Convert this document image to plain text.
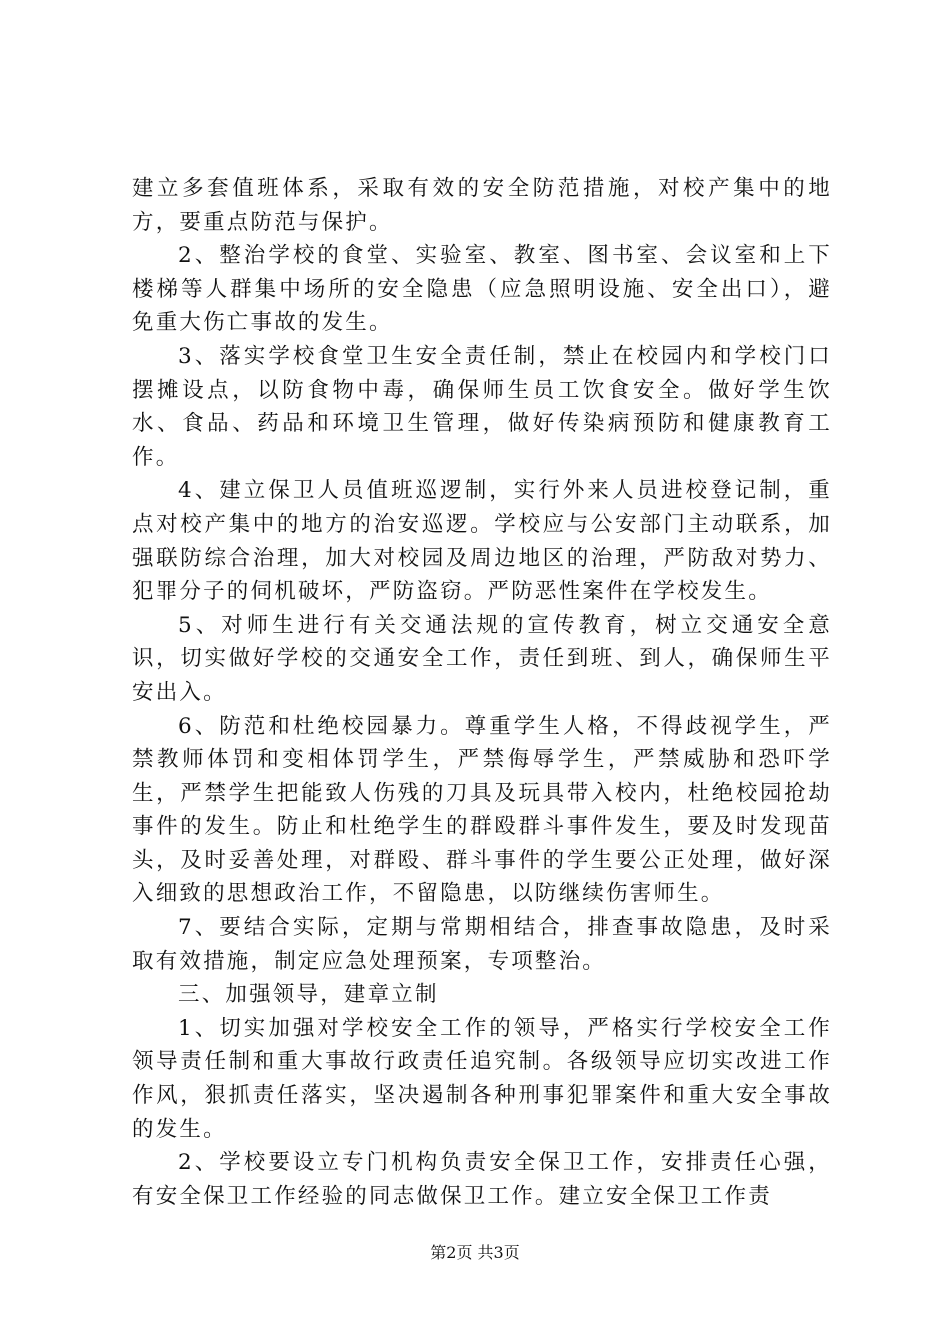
建立多套值班体系，采取有效的安全防范措施，对校产集中的地方，要重点防范与保护。

2、整治学校的食堂、实验室、教室、图书室、会议室和上下楼梯等人群集中场所的安全隐患（应急照明设施、安全出口），避免重大伤亡事故的发生。

3、落实学校食堂卫生安全责任制，禁止在校园内和学校门口摆摊设点，以防食物中毒，确保师生员工饮食安全。做好学生饮水、食品、药品和环境卫生管理，做好传染病预防和健康教育工作。

4、建立保卫人员值班巡逻制，实行外来人员进校登记制，重点对校产集中的地方的治安巡逻。学校应与公安部门主动联系，加强联防综合治理，加大对校园及周边地区的治理，严防敌对势力、犯罪分子的伺机破坏，严防盗窃。严防恶性案件在学校发生。

5、对师生进行有关交通法规的宣传教育，树立交通安全意识，切实做好学校的交通安全工作，责任到班、到人，确保师生平安出入。

6、防范和杜绝校园暴力。尊重学生人格，不得歧视学生，严禁教师体罚和变相体罚学生，严禁侮辱学生，严禁威胁和恐吓学生，严禁学生把能致人伤残的刀具及玩具带入校内，杜绝校园抢劫事件的发生。防止和杜绝学生的群殴群斗事件发生，要及时发现苗头，及时妥善处理，对群殴、群斗事件的学生要公正处理，做好深入细致的思想政治工作，不留隐患，以防继续伤害师生。

7、要结合实际，定期与常期相结合，排查事故隐患，及时采取有效措施，制定应急处理预案，专项整治。

三、加强领导，建章立制

1、切实加强对学校安全工作的领导，严格实行学校安全工作领导责任制和重大事故行政责任追究制。各级领导应切实改进工作作风，狠抓责任落实，坚决遏制各种刑事犯罪案件和重大安全事故的发生。

2、学校要设立专门机构负责安全保卫工作，安排责任心强，有安全保卫工作经验的同志做保卫工作。建立安全保卫工作责

第2页 共3页
